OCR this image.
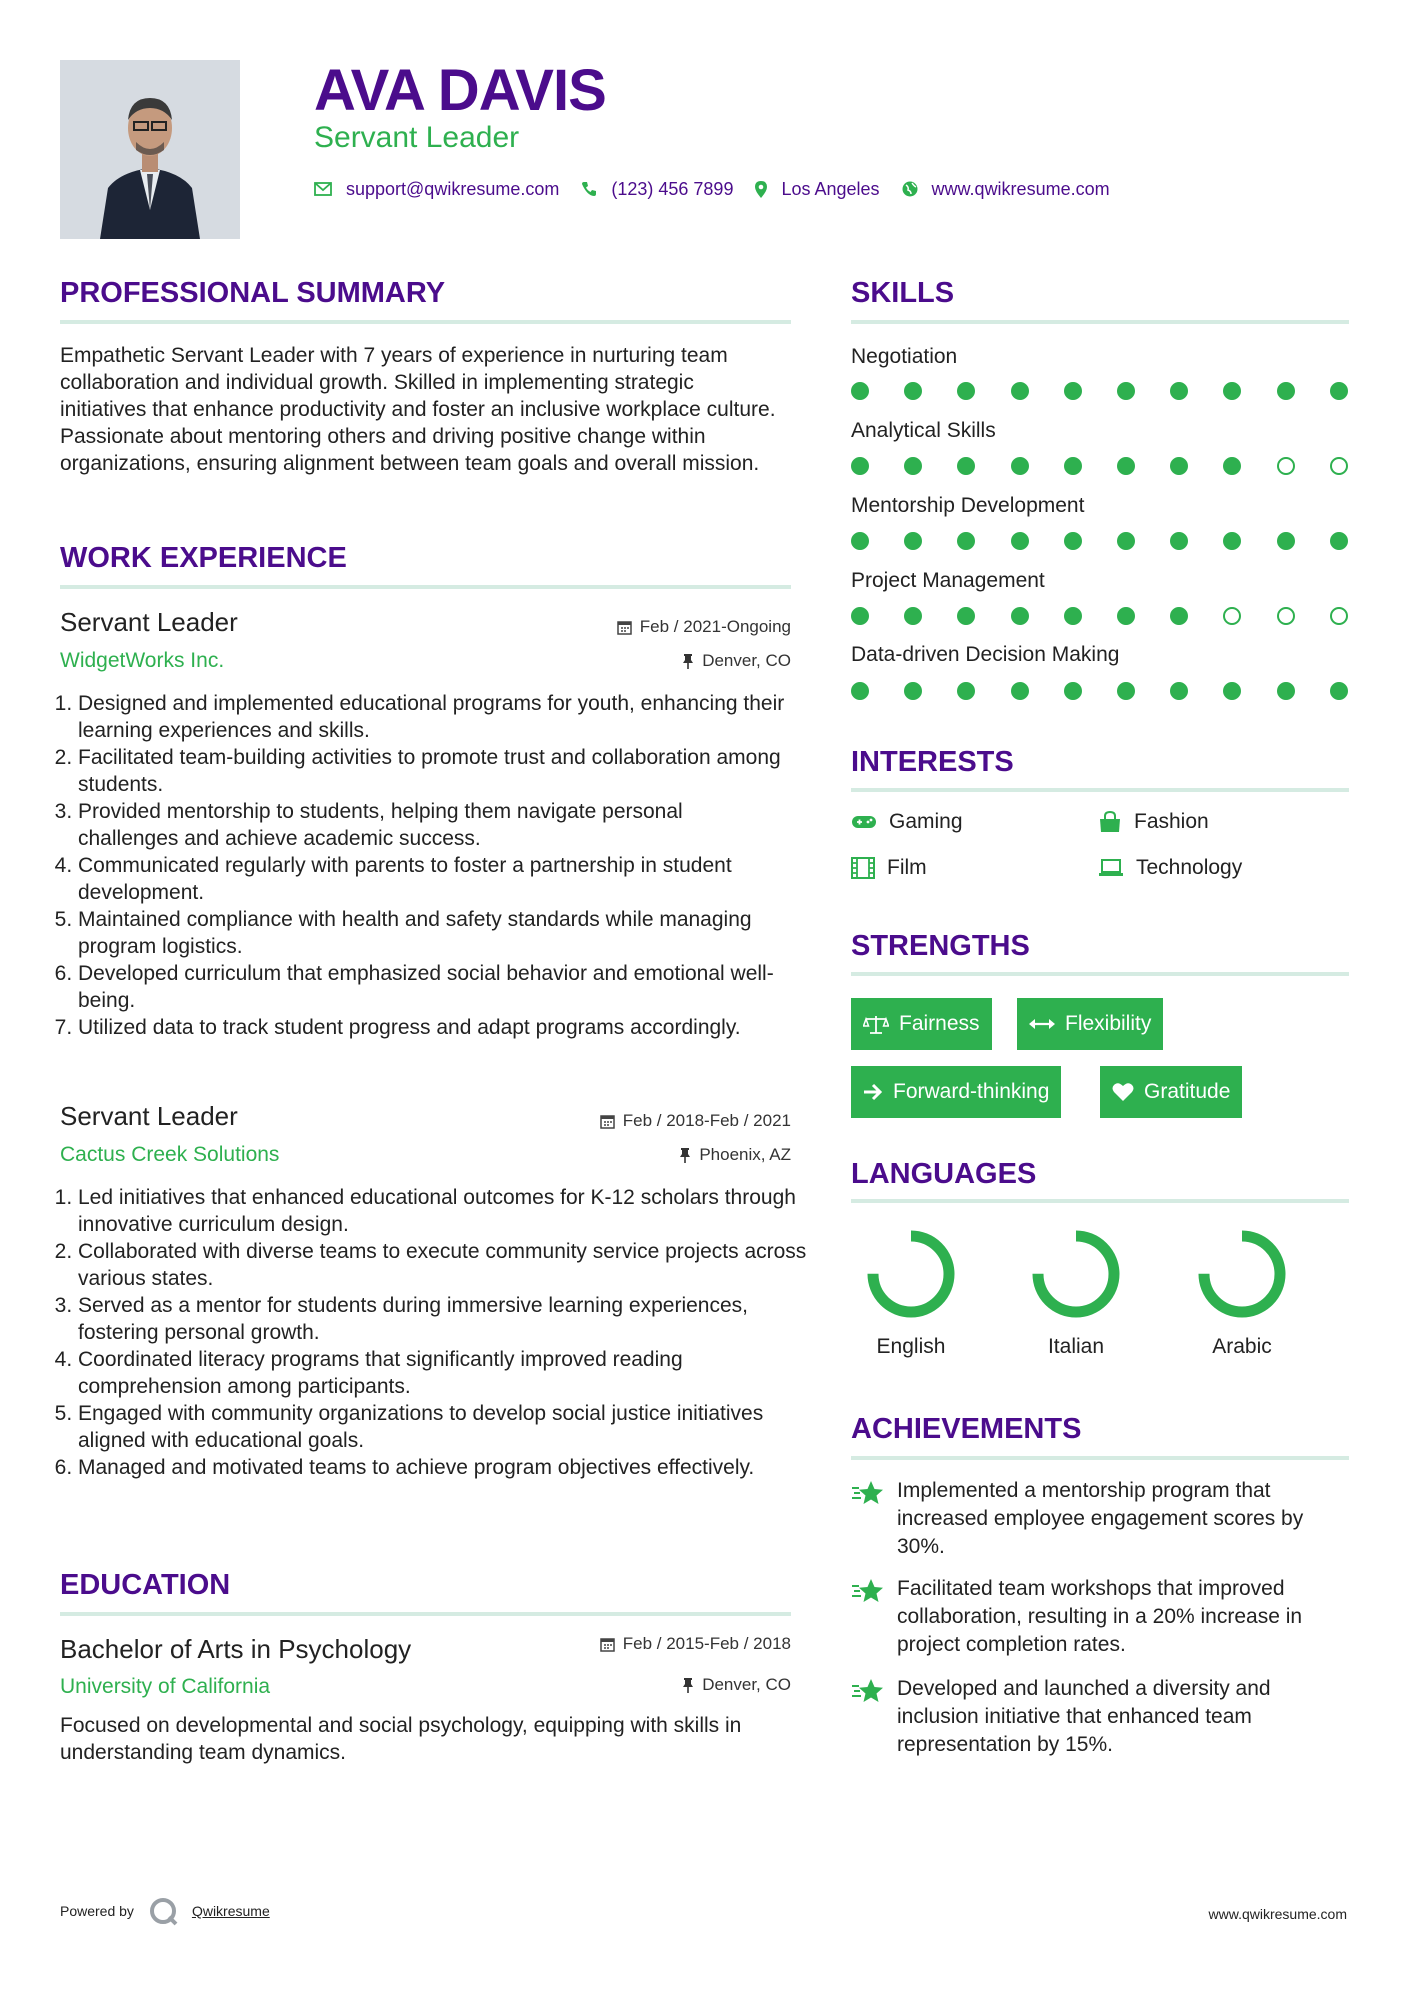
AVA DAVIS
Servant Leader
support@qwikresume.com	(123) 456 7899	Los Angeles	www.qwikresume.com
PROFESSIONAL SUMMARY
Empathetic Servant Leader with 7 years of experience in nurturing team collaboration and individual growth. Skilled in implementing strategic initiatives that enhance productivity and foster an inclusive workplace culture. Passionate about mentoring others and driving positive change within organizations, ensuring alignment between team goals and overall mission.
WORK EXPERIENCE
Servant Leader	Feb / 2021-Ongoing
WidgetWorks Inc.	Denver, CO
1. Designed and implemented educational programs for youth, enhancing their learning experiences and skills.
2. Facilitated team-building activities to promote trust and collaboration among students.
3. Provided mentorship to students, helping them navigate personal challenges and achieve academic success.
4. Communicated regularly with parents to foster a partnership in student development.
5. Maintained compliance with health and safety standards while managing program logistics.
6. Developed curriculum that emphasized social behavior and emotional well-being.
7. Utilized data to track student progress and adapt programs accordingly.
Servant Leader	Feb / 2018-Feb / 2021
Cactus Creek Solutions	Phoenix, AZ
1. Led initiatives that enhanced educational outcomes for K-12 scholars through innovative curriculum design.
2. Collaborated with diverse teams to execute community service projects across various states.
3. Served as a mentor for students during immersive learning experiences, fostering personal growth.
4. Coordinated literacy programs that significantly improved reading comprehension among participants.
5. Engaged with community organizations to develop social justice initiatives aligned with educational goals.
6. Managed and motivated teams to achieve program objectives effectively.
EDUCATION
Bachelor of Arts in Psychology	Feb / 2015-Feb / 2018
University of California	Denver, CO
Focused on developmental and social psychology, equipping with skills in understanding team dynamics.
SKILLS
Negotiation
Analytical Skills
Mentorship Development
Project Management
Data-driven Decision Making
INTERESTS
Gaming	Fashion
Film	Technology
STRENGTHS
Fairness	Flexibility
Forward-thinking	Gratitude
LANGUAGES
English	Italian	Arabic
ACHIEVEMENTS
Implemented a mentorship program that increased employee engagement scores by 30%.
Facilitated team workshops that improved collaboration, resulting in a 20% increase in project completion rates.
Developed and launched a diversity and inclusion initiative that enhanced team representation by 15%.
Powered by	Qwikresume	www.qwikresume.com
